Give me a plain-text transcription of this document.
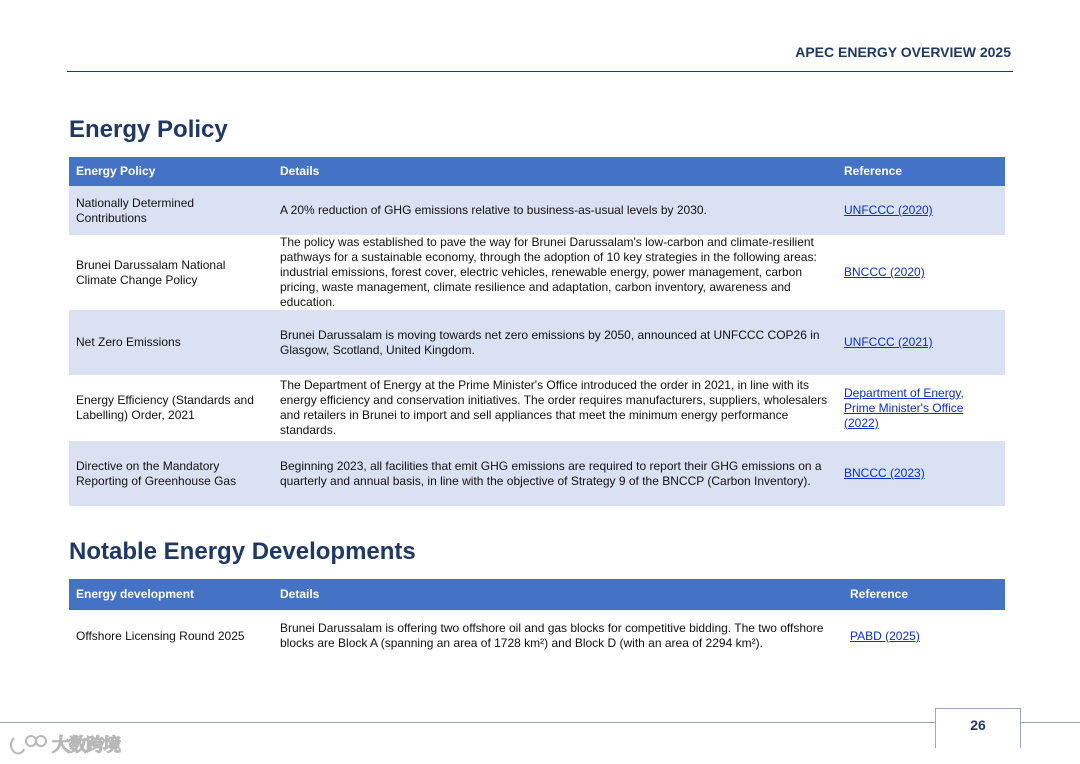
APEC ENERGY OVERVIEW 2025
Energy Policy
Energy Policy	Details	Reference
Nationally Determined Contributions	A 20% reduction of GHG emissions relative to business-as-usual levels by 2030.	UNFCCC (2020)
Brunei Darussalam National Climate Change Policy	The policy was established to pave the way for Brunei Darussalam's low-carbon and climate-resilient pathways for a sustainable economy, through the adoption of 10 key strategies in the following areas: industrial emissions, forest cover, electric vehicles, renewable energy, power management, carbon pricing, waste management, climate resilience and adaptation, carbon inventory, awareness and education.	BNCCC (2020)
Net Zero Emissions	Brunei Darussalam is moving towards net zero emissions by 2050, announced at UNFCCC COP26 in Glasgow, Scotland, United Kingdom.	UNFCCC (2021)
Energy Efficiency (Standards and Labelling) Order, 2021	The Department of Energy at the Prime Minister's Office introduced the order in 2021, in line with its energy efficiency and conservation initiatives. The order requires manufacturers, suppliers, wholesalers and retailers in Brunei to import and sell appliances that meet the minimum energy performance standards.	Department of Energy, Prime Minister's Office (2022)
Directive on the Mandatory Reporting of Greenhouse Gas	Beginning 2023, all facilities that emit GHG emissions are required to report their GHG emissions on a quarterly and annual basis, in line with the objective of Strategy 9 of the BNCCP (Carbon Inventory).	BNCCC (2023)
Notable Energy Developments
Energy development	Details	Reference
Offshore Licensing Round 2025	Brunei Darussalam is offering two offshore oil and gas blocks for competitive bidding. The two offshore blocks are Block A (spanning an area of 1728 km²) and Block D (with an area of 2294 km²).	PABD (2025)
26
大数跨境
